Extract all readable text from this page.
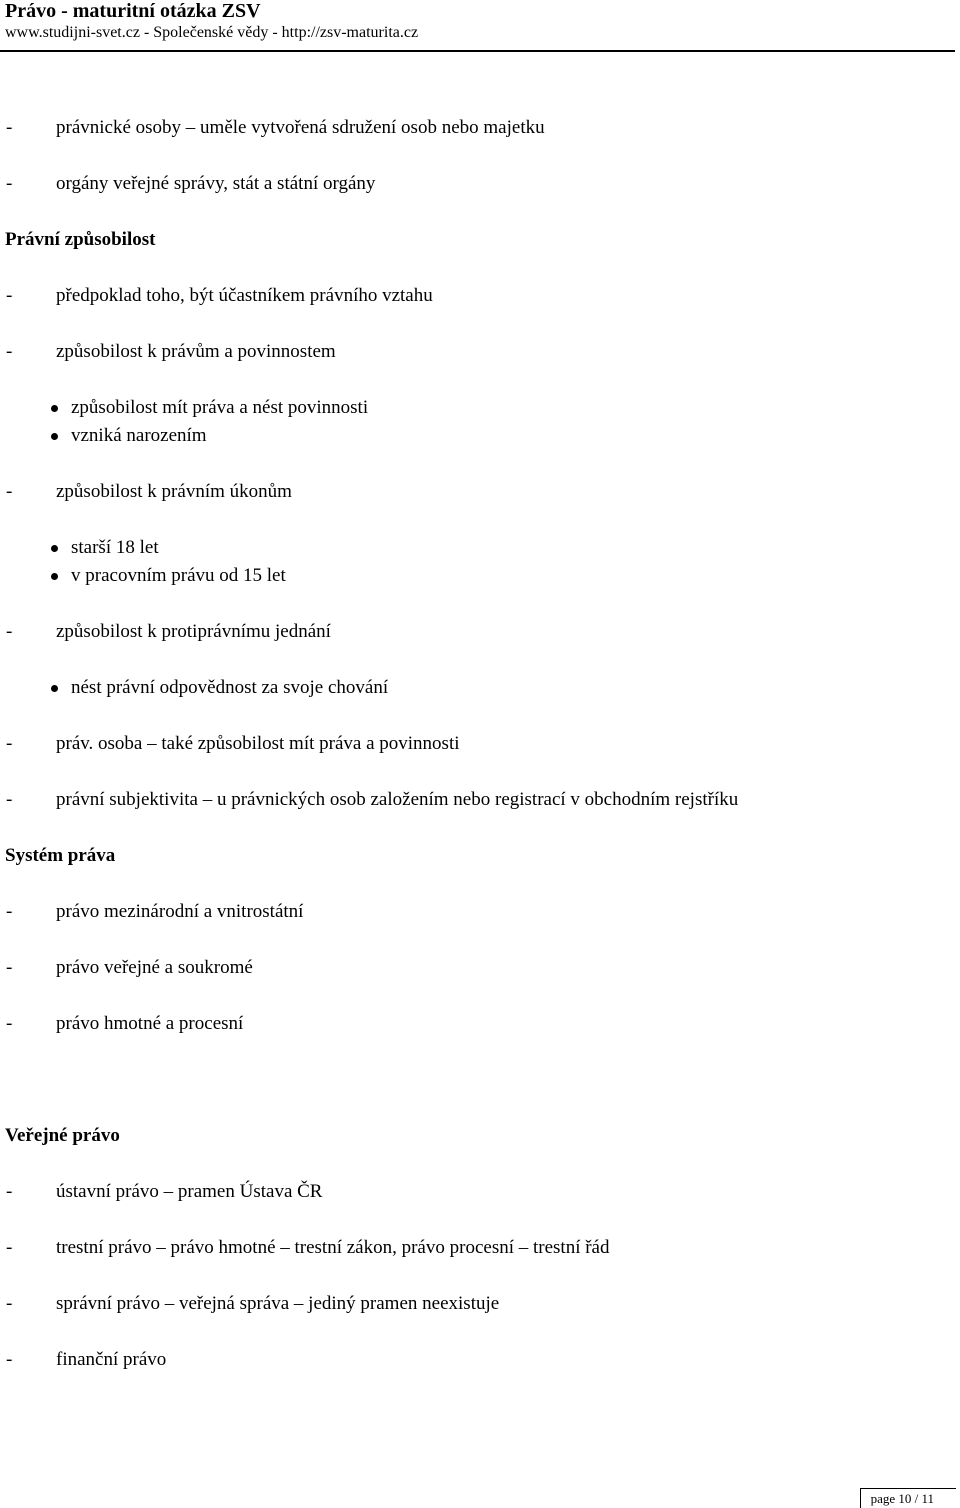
Právo - maturitní otázka ZSV
www.studijni-svet.cz - Společenské vědy - http://zsv-maturita.cz
- právnické osoby – uměle vytvořená sdružení osob nebo majetku
- orgány veřejné správy, stát a státní orgány
Právní způsobilost
- předpoklad toho, být účastníkem právního vztahu
- způsobilost k právům a povinnostem
způsobilost mít práva a nést povinnosti
vzniká narozením
- způsobilost k právním úkonům
starší 18 let
v pracovním právu od 15 let
- způsobilost k protiprávnímu jednání
nést právní odpovědnost za svoje chování
- práv. osoba – také způsobilost mít práva a povinnosti
- právní subjektivita – u právnických osob založením nebo registrací v obchodním rejstříku
Systém práva
- právo mezinárodní a vnitrostátní
- právo veřejné a soukromé
- právo hmotné a procesní
Veřejné právo
- ústavní právo – pramen Ústava ČR
- trestní právo – právo hmotné – trestní zákon, právo procesní – trestní řád
- správní právo – veřejná správa – jediný pramen neexistuje
- finanční právo
page 10 / 11
